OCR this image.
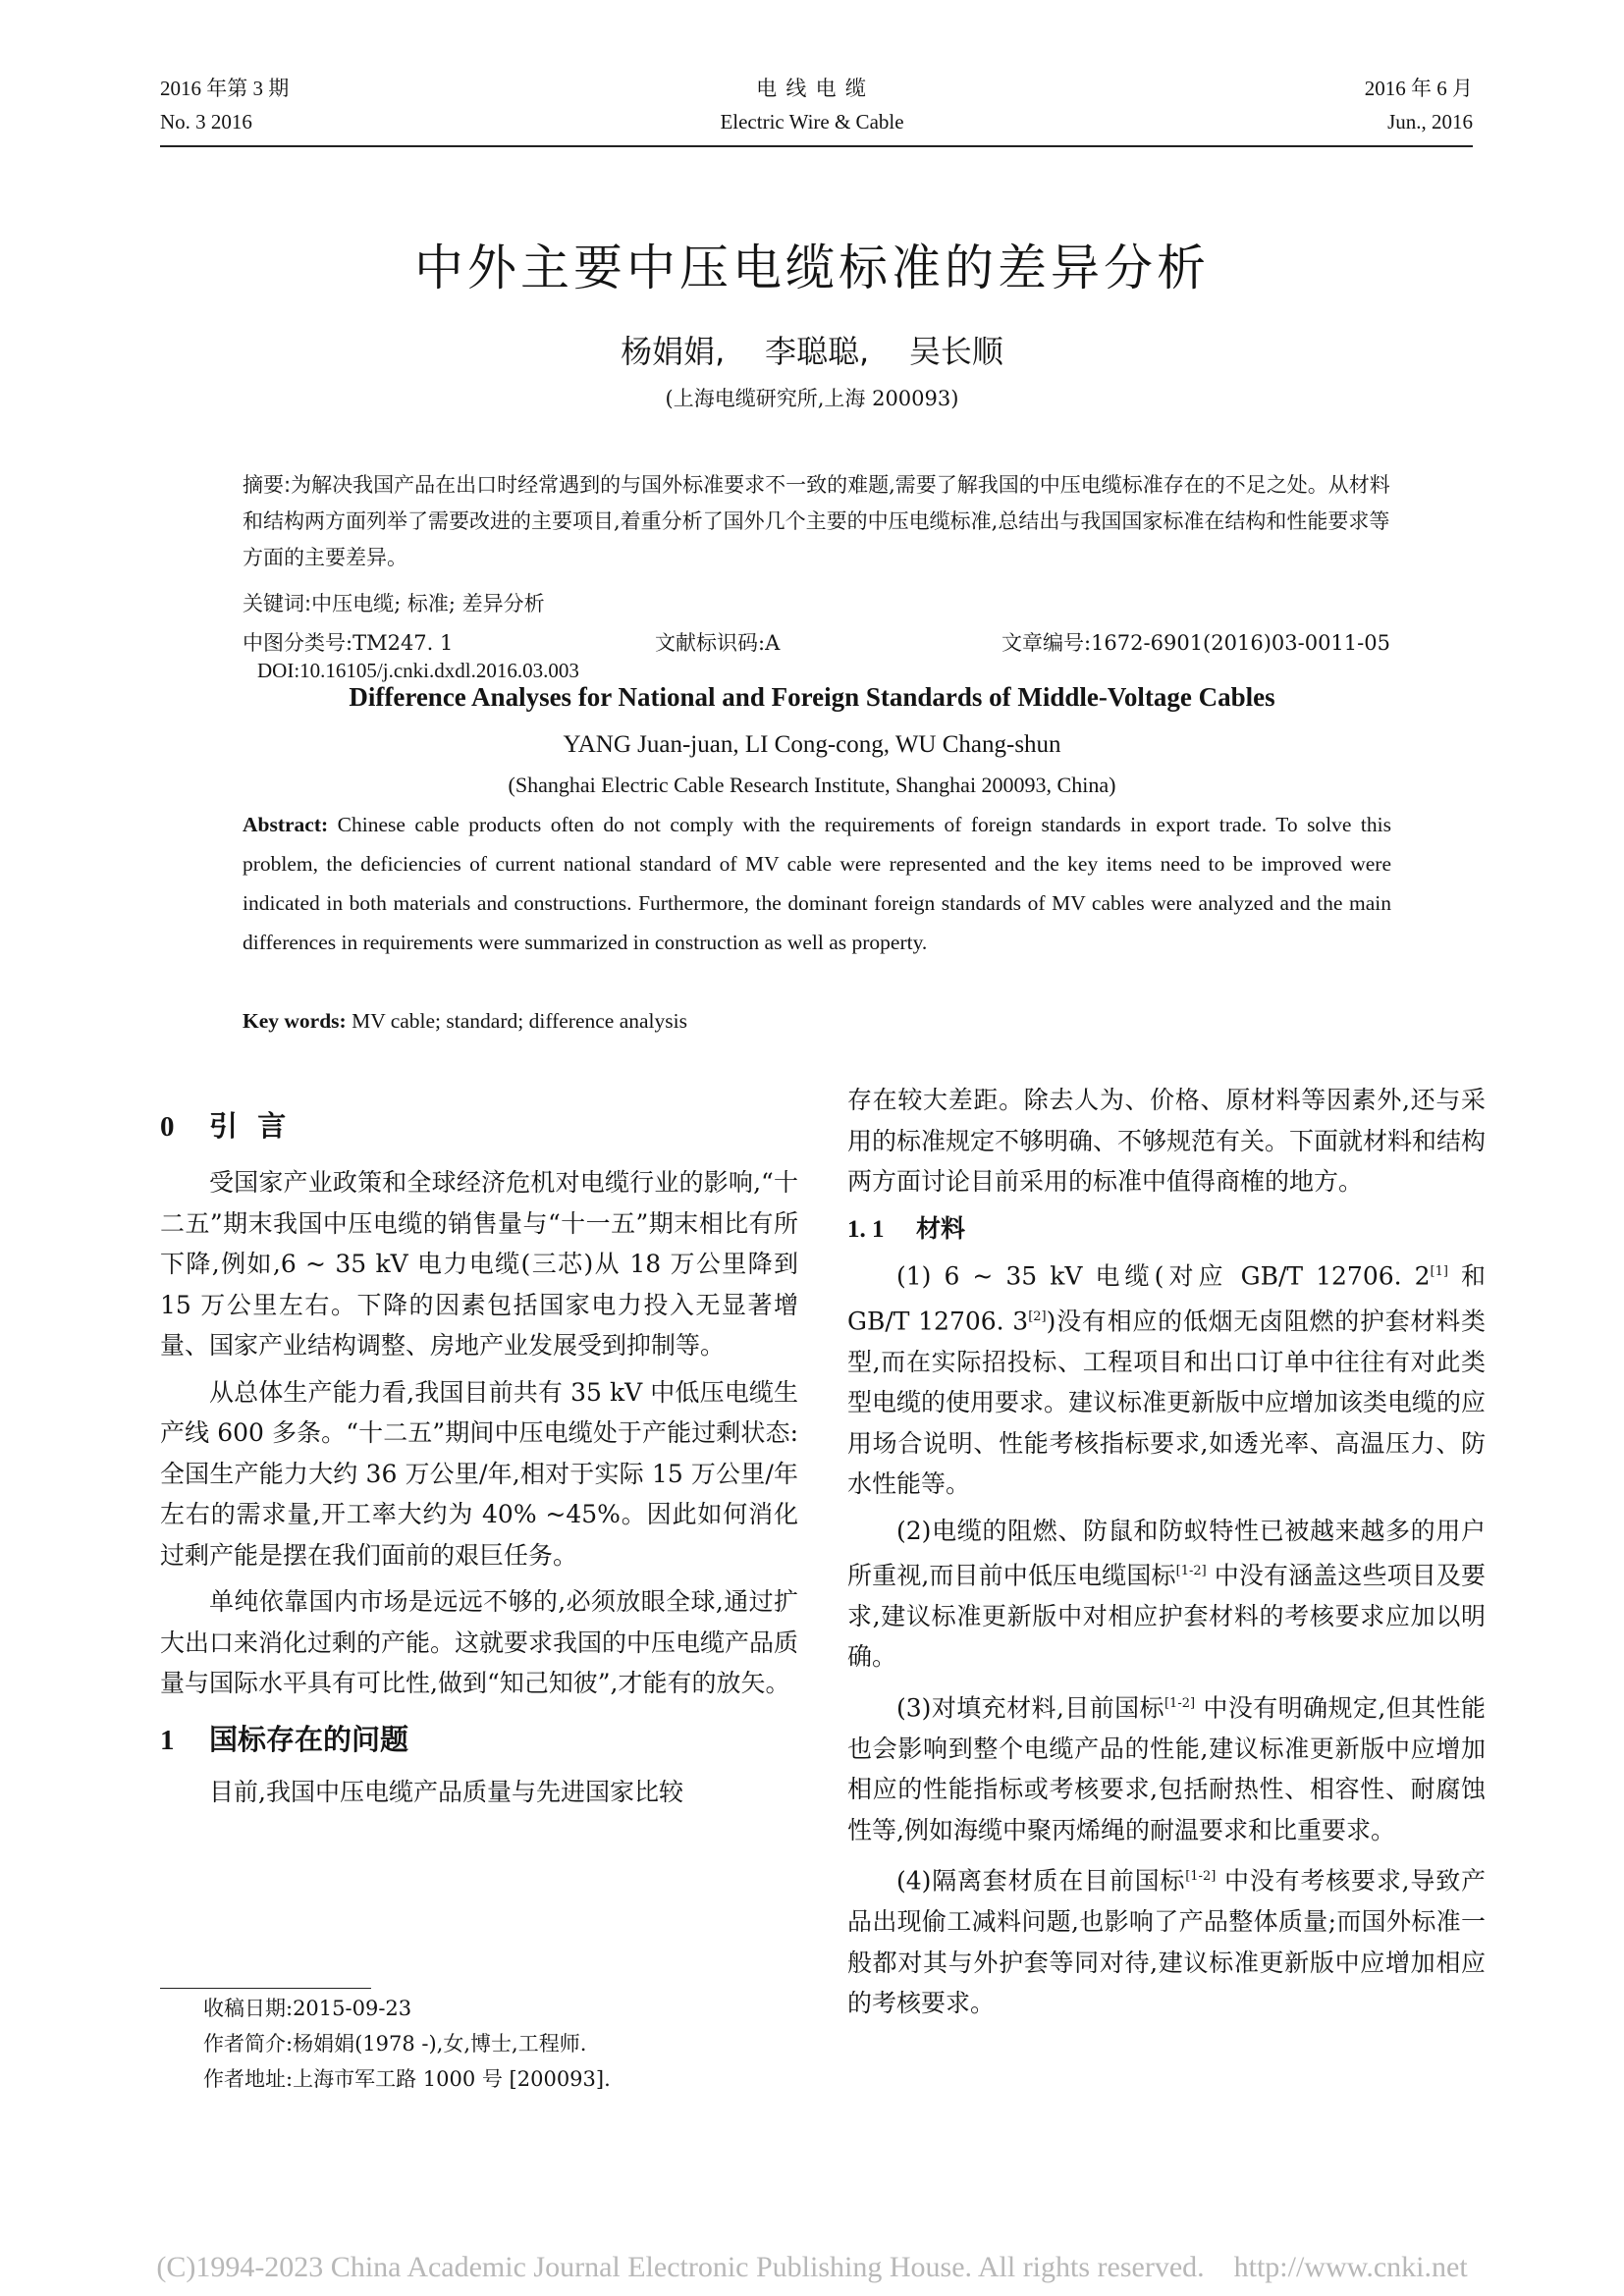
2016 年第 3 期
No. 3 2016
电 线 电 缆
Electric Wire & Cable
2016 年 6 月
Jun., 2016
中外主要中压电缆标准的差异分析
杨娟娟,    李聪聪,    吴长顺
(上海电缆研究所,上海 200093)
摘要:为解决我国产品在出口时经常遇到的与国外标准要求不一致的难题,需要了解我国的中压电缆标准存在的不足之处。从材料和结构两方面列举了需要改进的主要项目,着重分析了国外几个主要的中压电缆标准,总结出与我国国家标准在结构和性能要求等方面的主要差异。
关键词:中压电缆; 标准; 差异分析
中图分类号:TM247. 1	文献标识码:A	文章编号:1672-6901(2016)03-0011-05
DOI:10.16105/j.cnki.dxdl.2016.03.003
Difference Analyses for National and Foreign Standards of Middle-Voltage Cables
YANG Juan-juan, LI Cong-cong, WU Chang-shun
(Shanghai Electric Cable Research Institute, Shanghai 200093, China)
Abstract: Chinese cable products often do not comply with the requirements of foreign standards in export trade. To solve this problem, the deficiencies of current national standard of MV cable were represented and the key items need to be improved were indicated in both materials and constructions. Furthermore, the dominant foreign standards of MV cables were analyzed and the main differences in requirements were summarized in construction as well as property.
Key words: MV cable; standard; difference analysis
0 引  言

受国家产业政策和全球经济危机对电缆行业的影响,“十二五”期末我国中压电缆的销售量与“十一五”期末相比有所下降,例如,6 ~ 35 kV 电力电缆(三芯)从 18 万公里降到 15 万公里左右。下降的因素包括国家电力投入无显著增量、国家产业结构调整、房地产业发展受到抑制等。

从总体生产能力看,我国目前共有 35 kV 中低压电缆生产线 600 多条。“十二五”期间中压电缆处于产能过剩状态:全国生产能力大约 36 万公里/年,相对于实际 15 万公里/年左右的需求量,开工率大约为 40% ~45%。因此如何消化过剩产能是摆在我们面前的艰巨任务。

单纯依靠国内市场是远远不够的,必须放眼全球,通过扩大出口来消化过剩的产能。这就要求我国的中压电缆产品质量与国际水平具有可比性,做到“知己知彼”,才能有的放矢。

1 国标存在的问题

目前,我国中压电缆产品质量与先进国家比较

收稿日期:2015-09-23
作者简介:杨娟娟(1978 -),女,博士,工程师.
作者地址:上海市军工路 1000 号 [200093].

存在较大差距。除去人为、价格、原材料等因素外,还与采用的标准规定不够明确、不够规范有关。下面就材料和结构两方面讨论目前采用的标准中值得商榷的地方。

1. 1 材料

(1) 6 ~ 35 kV 电缆(对应 GB/T 12706. 2[1] 和 GB/T 12706. 3[2])没有相应的低烟无卤阻燃的护套材料类型,而在实际招投标、工程项目和出口订单中往往有对此类型电缆的使用要求。建议标准更新版中应增加该类电缆的应用场合说明、性能考核指标要求,如透光率、高温压力、防水性能等。

(2)电缆的阻燃、防鼠和防蚁特性已被越来越多的用户所重视,而目前中低压电缆国标[1-2] 中没有涵盖这些项目及要求,建议标准更新版中对相应护套材料的考核要求应加以明确。

(3)对填充材料,目前国标[1-2] 中没有明确规定,但其性能也会影响到整个电缆产品的性能,建议标准更新版中应增加相应的性能指标或考核要求,包括耐热性、相容性、耐腐蚀性等,例如海缆中聚丙烯绳的耐温要求和比重要求。

(4)隔离套材质在目前国标[1-2] 中没有考核要求,导致产品出现偷工减料问题,也影响了产品整体质量;而国外标准一般都对其与外护套等同对待,建议标准更新版中应增加相应的考核要求。

(C)1994-2023 China Academic Journal Electronic Publishing House. All rights reserved.    http://www.cnki.net
